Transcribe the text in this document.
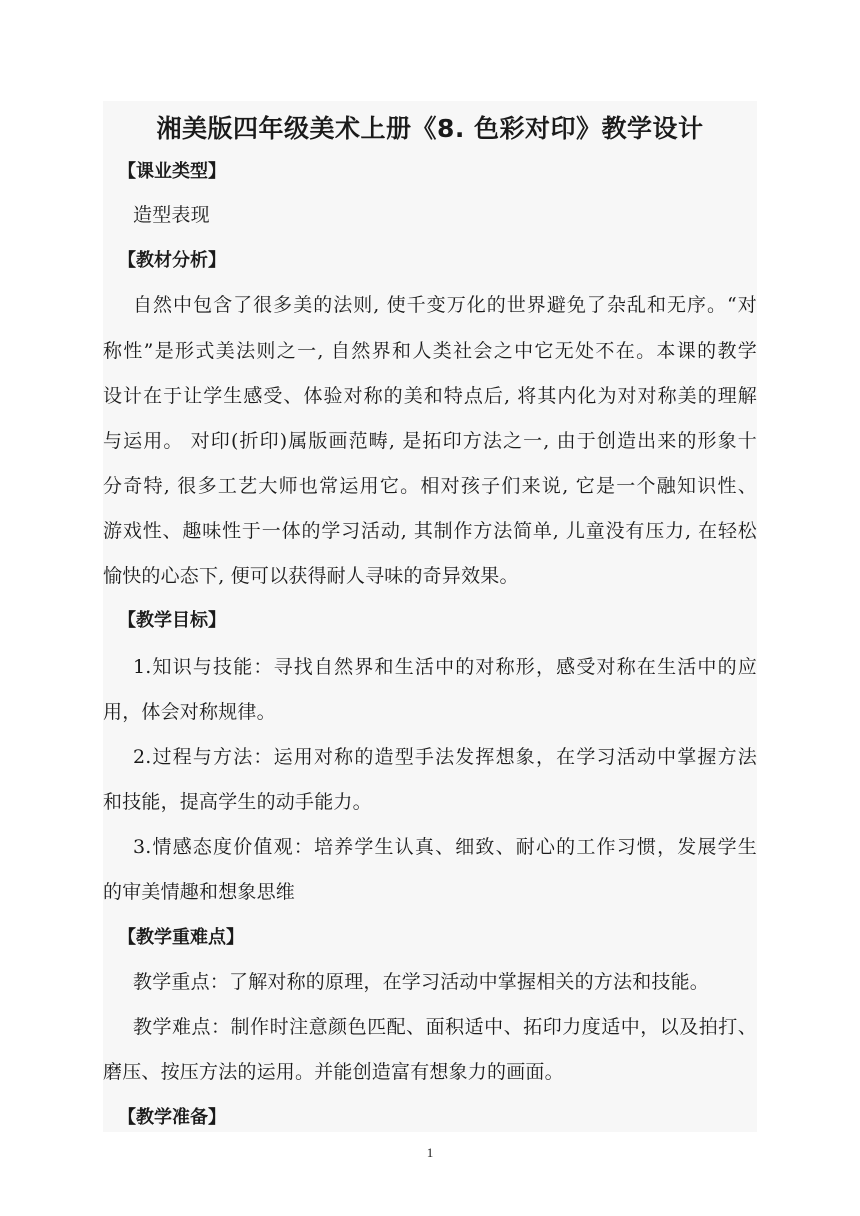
湘美版四年级美术上册《8. 色彩对印》教学设计
【课业类型】
造型表现
【教材分析】
自然中包含了很多美的法则, 使千变万化的世界避免了杂乱和无序。“对
称性”是形式美法则之一, 自然界和人类社会之中它无处不在。本课的教学
设计在于让学生感受、体验对称的美和特点后, 将其内化为对对称美的理解
与运用。 对印(折印)属版画范畴, 是拓印方法之一, 由于创造出来的形象十
分奇特, 很多工艺大师也常运用它。相对孩子们来说, 它是一个融知识性、
游戏性、趣味性于一体的学习活动, 其制作方法简单, 儿童没有压力, 在轻松
愉快的心态下, 便可以获得耐人寻味的奇异效果。
【教学目标】
1.知识与技能：寻找自然界和生活中的对称形，感受对称在生活中的应
用，体会对称规律。
2.过程与方法：运用对称的造型手法发挥想象，在学习活动中掌握方法
和技能，提高学生的动手能力。
3.情感态度价值观：培养学生认真、细致、耐心的工作习惯，发展学生
的审美情趣和想象思维
【教学重难点】
教学重点：了解对称的原理，在学习活动中掌握相关的方法和技能。
教学难点：制作时注意颜色匹配、面积适中、拓印力度适中，以及拍打、
磨压、按压方法的运用。并能创造富有想象力的画面。
【教学准备】
1
